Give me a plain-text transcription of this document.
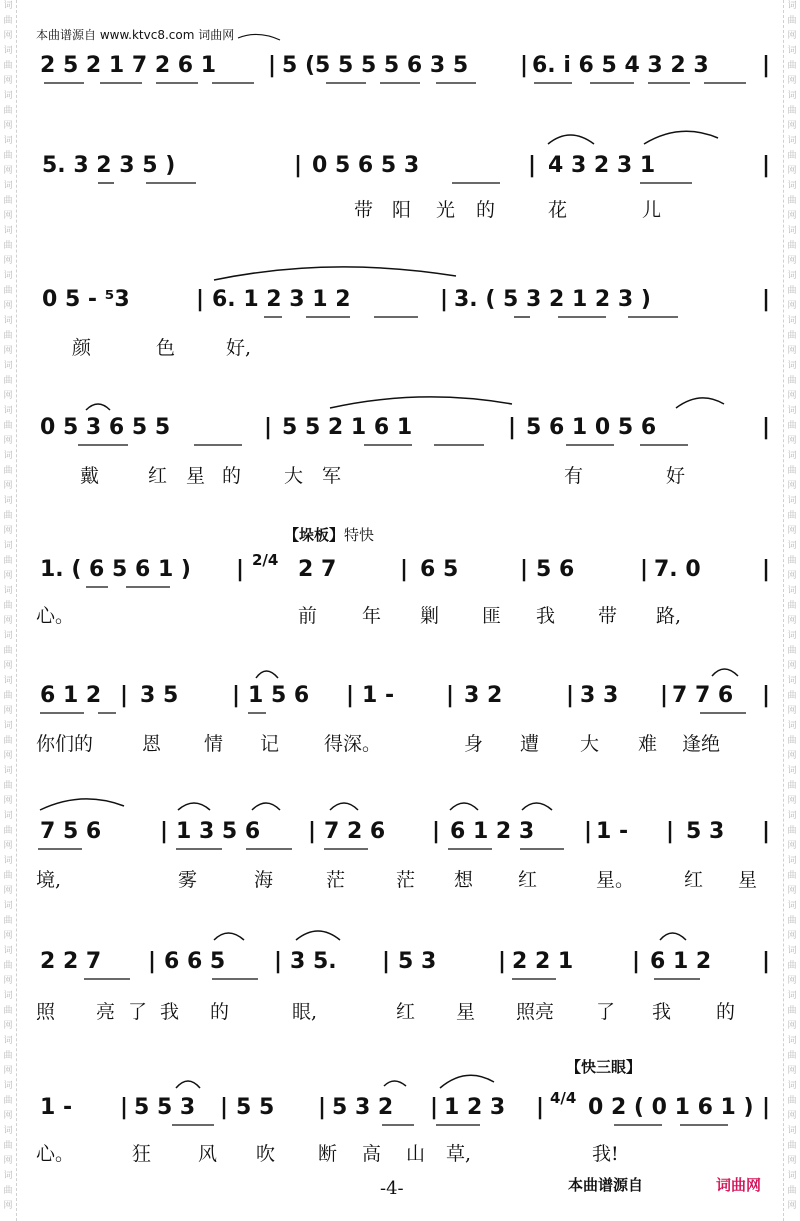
词
曲
网
词
曲
网
词
曲
网
词
曲
网
词
曲
网
词
曲
网
词
曲
网
词
曲
网
词
曲
网
词
曲
网
词
曲
网
词
曲
网
词
曲
网
词
曲
网
词
曲
网
词
曲
网
词
曲
网
词
曲
网
词
曲
网
词
曲
网
词
曲
网
词
曲
网
词
曲
网
词
曲
网
词
曲
网
词
曲
网
词
曲
网
词
曲
网
词
曲
网
词
曲
网
词
曲
网
词
曲
网
词
曲
网
词
曲
网
词
曲
网
词
曲
网
词
曲
网
词
曲
网
词
曲
网
词
曲
网
词
曲
网
词
曲
网
词
曲
网
词
曲
网
词
曲
网
词
曲
网
词
曲
网
词
曲
网
词
曲
网
词
曲
网
词
曲
网
词
曲
网
词
曲
网
词
曲
网
本曲谱源自 www.ktvc8.com 词曲网
2 5 2 1 7 2 6 1 | 5 (5 5 5 5 6 3 5 | 6. i 6 5 4 3 2 3 |
5. 3 2 3 5 )	| 0 5 6 5 3	| 4 3 2 3 1	|
带 阳 光 的	花	儿
0 5 - ⁵3	| 6. 1 2 3 1 2	| 3. ( 5 3 2 1 2 3 )	|
颜	色	好,
0 5 3 6 5 5	| 5 5 2 1 6 1	| 5 6 1 0 5 6	|
戴	红 星 的 大 军	有	好
【垛板】特快
1. ( 6 5 6 1 ) | 2/4 2 7	| 6 5	| 5 6	| 7. 0	|
心。	前 年 剿 匪 我 带 路,
6 1 2 | 3 5 | 1 5 6 | 1 - | 3 2	| 3 3 | 7 7 6 |
你们的	恩 情 记 得深。	身 遭 大 难 逢绝
7 5 6	| 1 3 5 6 | 7 2 6 | 6 1 2 3 | 1 - | 5 3 |
境,	雾	海	茫	茫 想 红	星。	红 星
2 2 7 | 6 6 5 | 3 5. | 5 3	| 2 2 1	| 6 1 2 |
照 亮 了 我 的	眼,	红 星 照亮 了 我 的
【快三眼】
1 - | 5 5 3 | 5 5 | 5 3 2 | 1 2 3 | 4/4 0 2 ( 0 1 6 1 ) |
心。	狂 风 吹 断 高 山 草,	我!
-4-	本曲谱源自	词曲网
